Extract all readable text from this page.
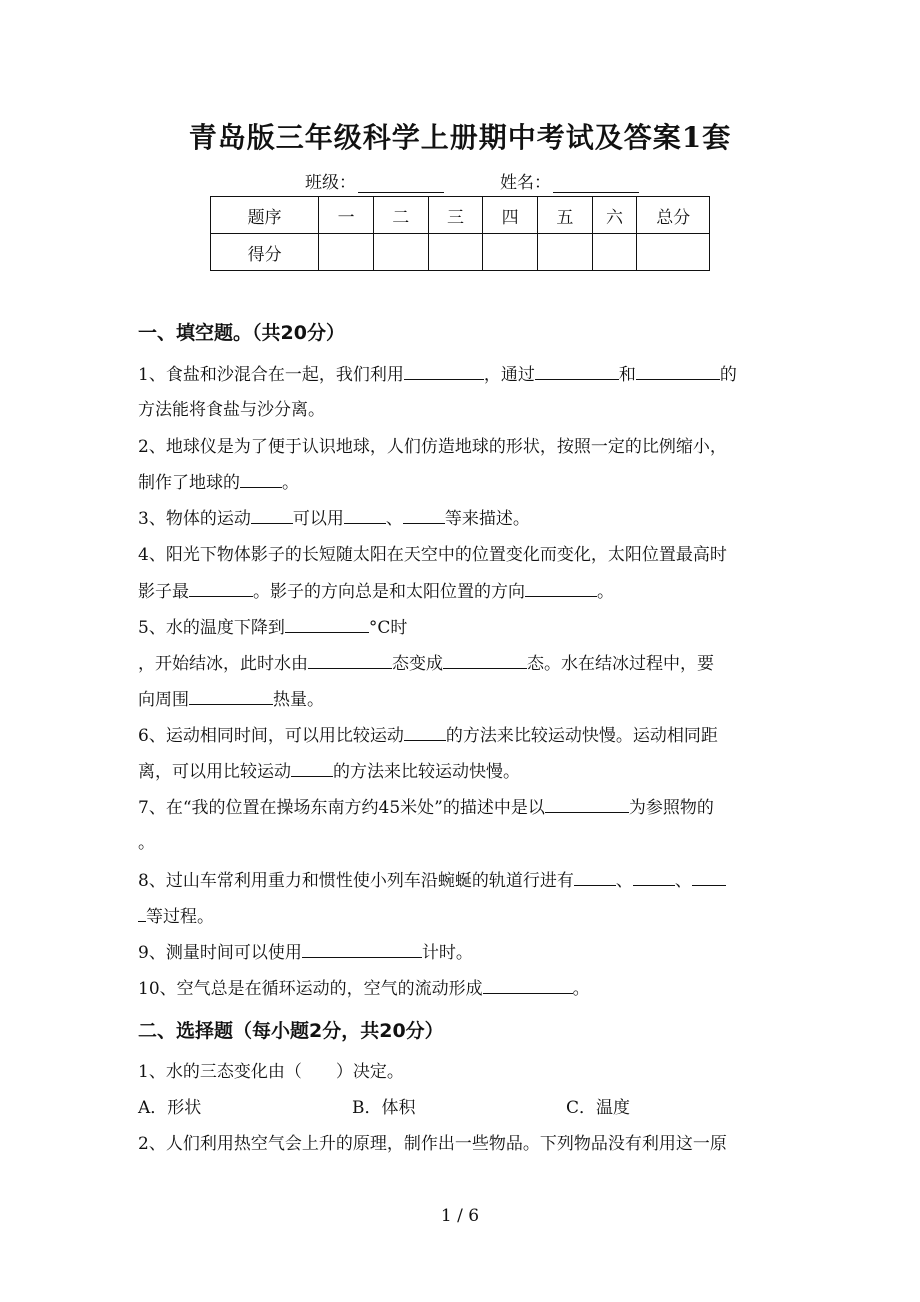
青岛版三年级科学上册期中考试及答案1套
班级：	姓名：
题序	一	二	三	四	五	六	总分
得分							
一、填空题。（共20分）
1、食盐和沙混合在一起，我们利用	，通过	和	的
方法能将食盐与沙分离。
2、地球仪是为了便于认识地球，人们仿造地球的形状，按照一定的比例缩小，
制作了地球的 。
3、物体的运动 可以用 、 等来描述。
4、阳光下物体影子的长短随太阳在天空中的位置变化而变化，太阳位置最高时
影子最	。影子的方向总是和太阳位置的方向	。
5、水的温度下降到	°C时
，开始结冰，此时水由	态变成	态。水在结冰过程中，要
向周围	热量。
6、运动相同时间，可以用比较运动 的方法来比较运动快慢。运动相同距
离，可以用比较运动 的方法来比较运动快慢。
7、在“我的位置在操场东南方约45米处”的描述中是以	为参照物的
。
8、过山车常利用重力和惯性使小列车沿蜿蜒的轨道行进有 、 、
等过程。
9、测量时间可以使用	计时。
10、空气总是在循环运动的，空气的流动形成	。
二、选择题（每小题2分，共20分）
1、水的三态变化由（　　）决定。
A．形状	B．体积	C．温度
2、人们利用热空气会上升的原理，制作出一些物品。下列物品没有利用这一原
1 / 6
